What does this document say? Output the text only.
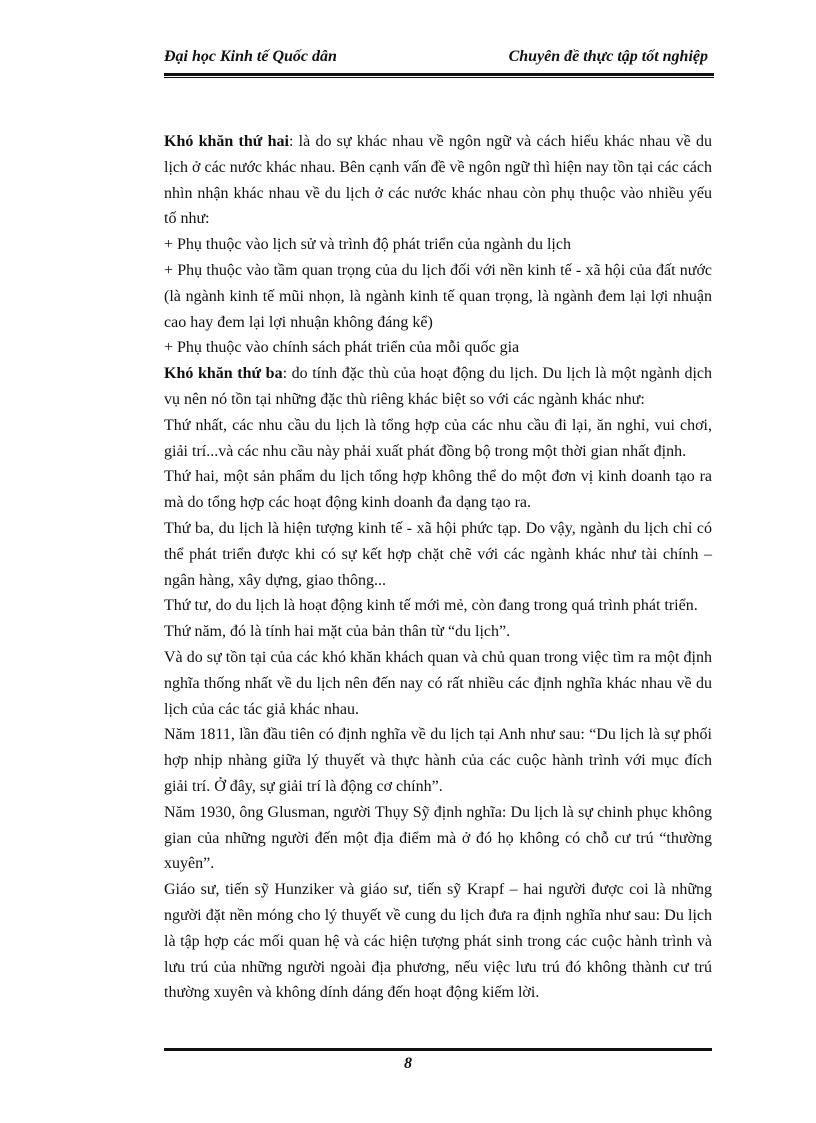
Đại học Kinh tế Quốc dân	Chuyên đề thực tập tốt nghiệp

Khó khăn thứ hai: là do sự khác nhau về ngôn ngữ và cách hiểu khác nhau về du lịch ở các nước khác nhau. Bên cạnh vấn đề về ngôn ngữ thì hiện nay tồn tại các cách nhìn nhận khác nhau về du lịch ở các nước khác nhau còn phụ thuộc vào nhiều yếu tố như:

+ Phụ thuộc vào lịch sử và trình độ phát triển của ngành du lịch

+ Phụ thuộc vào tầm quan trọng của du lịch đối với nền kinh tế - xã hội của đất nước (là ngành kinh tế mũi nhọn, là ngành kinh tế quan trọng, là ngành đem lại lợi nhuận cao hay đem lại lợi nhuận không đáng kể)

+ Phụ thuộc vào chính sách phát triển của mỗi quốc gia

Khó khăn thứ ba: do tính đặc thù của hoạt động du lịch. Du lịch là một ngành dịch vụ nên nó tồn tại những đặc thù riêng khác biệt so với các ngành khác như:

Thứ nhất, các nhu cầu du lịch là tổng hợp của các nhu cầu đi lại, ăn nghỉ, vui chơi, giải trí...và các nhu cầu này phải xuất phát đồng bộ trong một thời gian nhất định.

Thứ hai, một sản phẩm du lịch tổng hợp không thể do một đơn vị kinh doanh tạo ra mà do tổng hợp các hoạt động kinh doanh đa dạng tạo ra.

Thứ ba, du lịch là hiện tượng kinh tế - xã hội phức tạp. Do vậy, ngành du lịch chỉ có thể phát triển được khi có sự kết hợp chặt chẽ với các ngành khác như tài chính – ngân hàng, xây dựng, giao thông...

Thứ tư, do du lịch là hoạt động kinh tế mới mẻ, còn đang trong quá trình phát triển.

Thứ năm, đó là tính hai mặt của bản thân từ “du lịch”.

Và do sự tồn tại của các khó khăn khách quan và chủ quan trong việc tìm ra một định nghĩa thống nhất về du lịch nên đến nay có rất nhiều các định nghĩa khác nhau về du lịch của các tác giả khác nhau.

Năm 1811, lần đầu tiên có định nghĩa về du lịch tại Anh như sau: “Du lịch là sự phối hợp nhịp nhàng giữa lý thuyết và thực hành của các cuộc hành trình với mục đích giải trí. Ở đây, sự giải trí là động cơ chính”.

Năm 1930, ông Glusman, người Thụy Sỹ định nghĩa: Du lịch là sự chinh phục không gian của những người đến một địa điểm mà ở đó họ không có chỗ cư trú “thường xuyên”.

Giáo sư, tiến sỹ Hunziker và giáo sư, tiến sỹ Krapf – hai người được coi là những người đặt nền móng cho lý thuyết về cung du lịch đưa ra định nghĩa như sau: Du lịch là tập hợp các mối quan hệ và các hiện tượng phát sinh trong các cuộc hành trình và lưu trú của những người ngoài địa phương, nếu việc lưu trú đó không thành cư trú thường xuyên và không dính dáng đến hoạt động kiếm lời.

8
